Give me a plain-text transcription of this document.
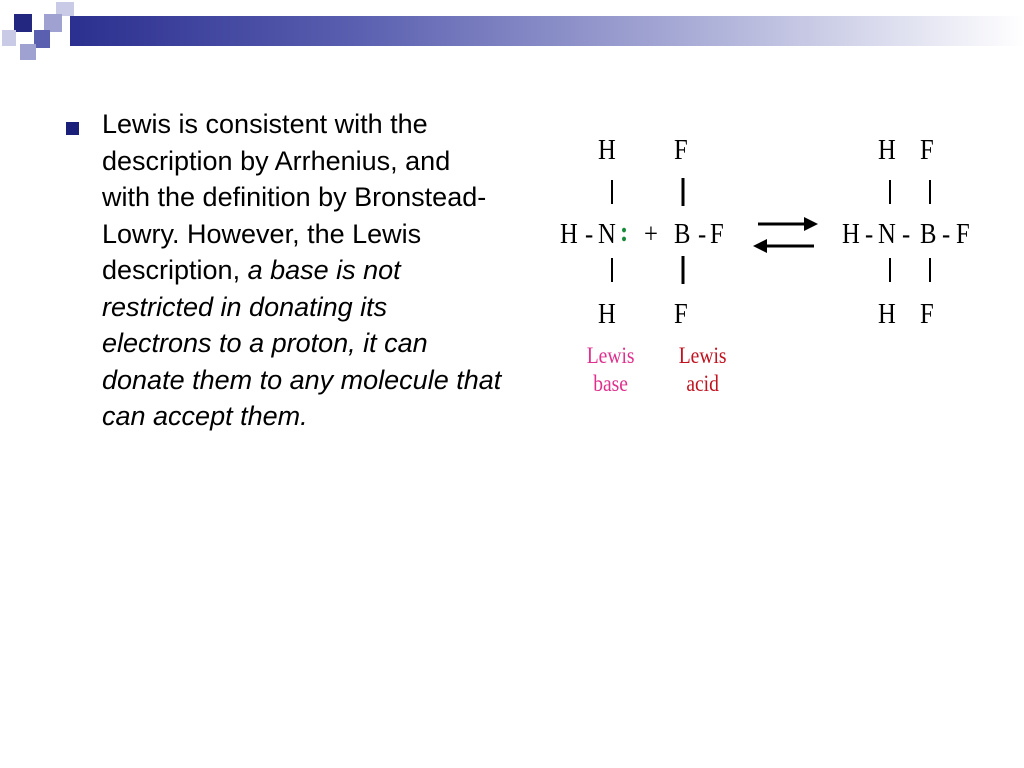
Lewis is consistent with the description by Arrhenius, and with the definition by Bronstead-Lowry. However, the Lewis description, a base is not restricted in donating its electrons to a proton, it can donate them to any molecule that can accept them.
H
H - N :
H
+
F
B - F
F
H F
H - N - B - F
H F
Lewis
base
Lewis
acid
